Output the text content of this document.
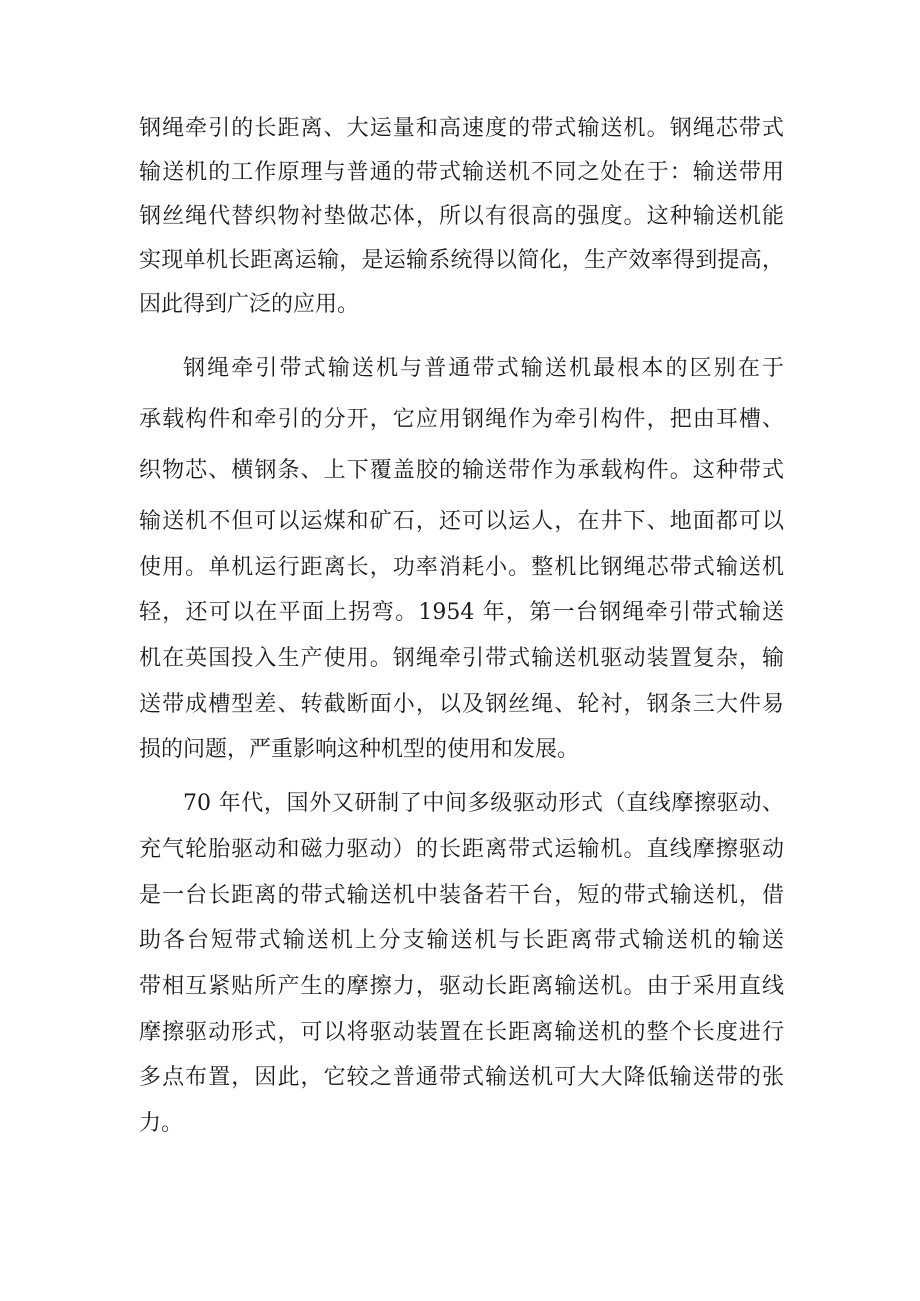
钢绳牵引的长距离、大运量和高速度的带式输送机。钢绳芯带式
输送机的工作原理与普通的带式输送机不同之处在于：输送带用
钢丝绳代替织物衬垫做芯体，所以有很高的强度。这种输送机能
实现单机长距离运输，是运输系统得以简化，生产效率得到提高，
因此得到广泛的应用。
钢绳牵引带式输送机与普通带式输送机最根本的区别在于
承载构件和牵引的分开，它应用钢绳作为牵引构件，把由耳槽、
织物芯、横钢条、上下覆盖胶的输送带作为承载构件。这种带式
输送机不但可以运煤和矿石，还可以运人，在井下、地面都可以
使用。单机运行距离长，功率消耗小。整机比钢绳芯带式输送机
轻，还可以在平面上拐弯。1954 年，第一台钢绳牵引带式输送
机在英国投入生产使用。钢绳牵引带式输送机驱动装置复杂，输
送带成槽型差、转截断面小，以及钢丝绳、轮衬，钢条三大件易
损的问题，严重影响这种机型的使用和发展。
70 年代，国外又研制了中间多级驱动形式（直线摩擦驱动、
充气轮胎驱动和磁力驱动）的长距离带式运输机。直线摩擦驱动
是一台长距离的带式输送机中装备若干台，短的带式输送机，借
助各台短带式输送机上分支输送机与长距离带式输送机的输送
带相互紧贴所产生的摩擦力，驱动长距离输送机。由于采用直线
摩擦驱动形式，可以将驱动装置在长距离输送机的整个长度进行
多点布置，因此，它较之普通带式输送机可大大降低输送带的张
力。
